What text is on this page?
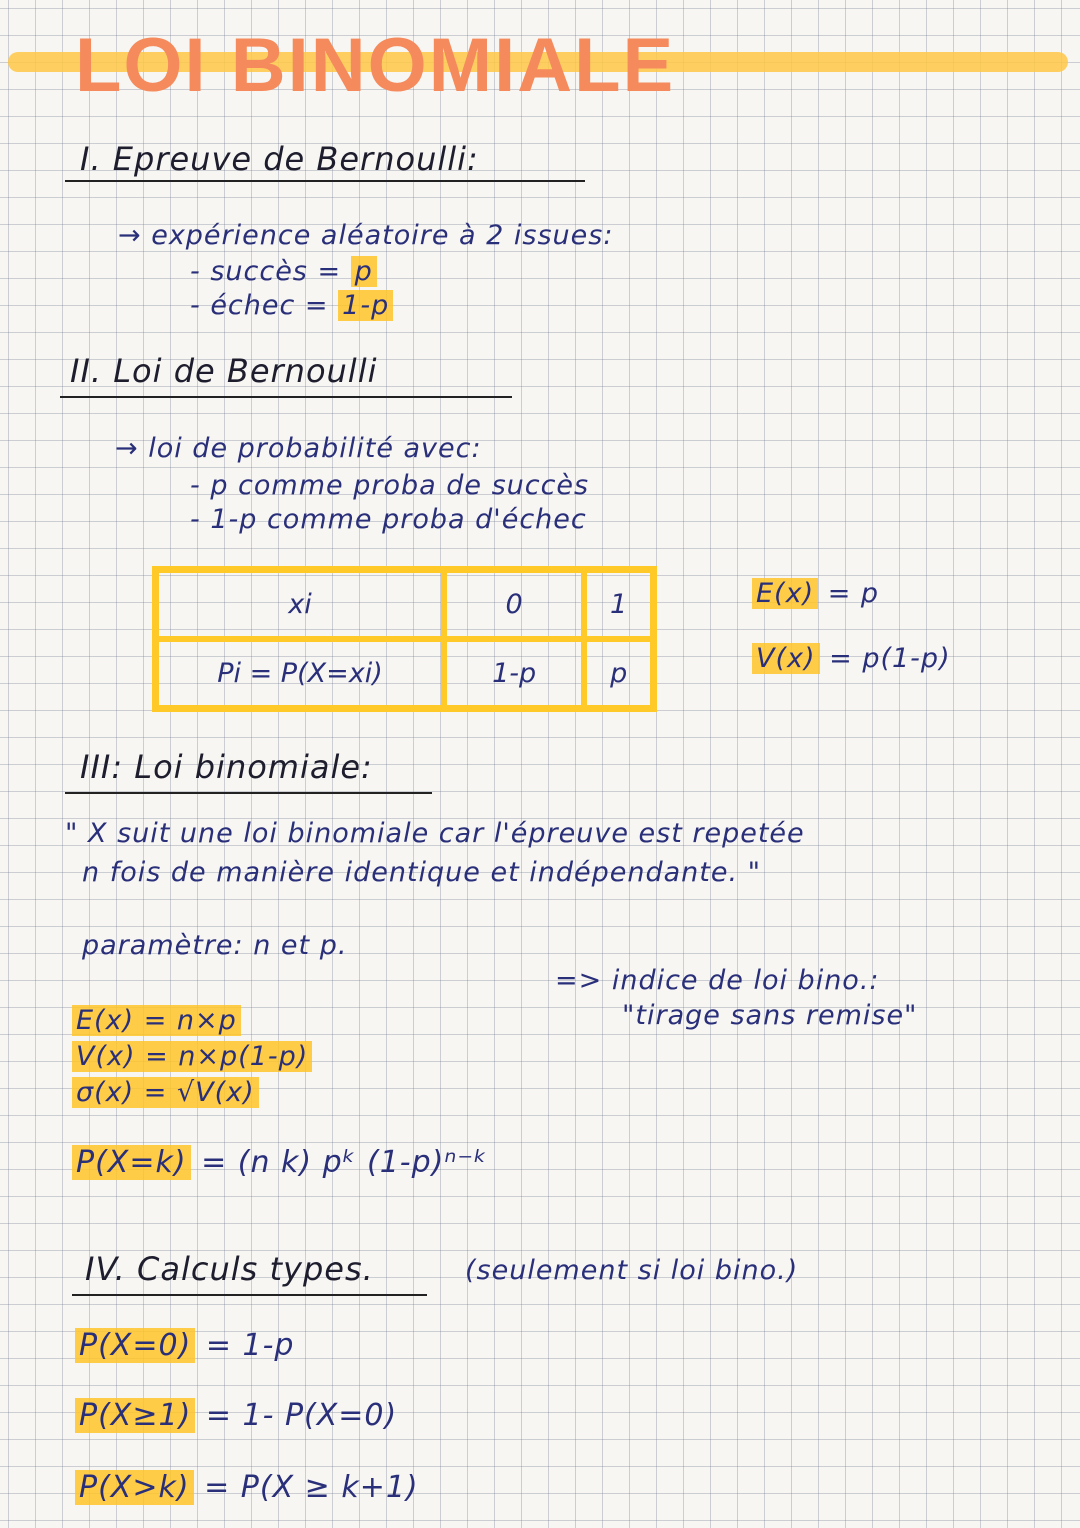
LOI BINOMIALE
I. Epreuve de Bernoulli:
→ expérience aléatoire à 2 issues:
- succès = p
- échec = 1-p
II. Loi de Bernoulli
→ loi de probabilité avec:
- p comme proba de succès
- 1-p comme proba d'échec
xi	0	1
Pi = P(X=xi)	1-p	p
E(x) = p
V(x) = p(1-p)
III: Loi binomiale:
" X suit une loi binomiale car l'épreuve est repetée
n fois de manière identique et indépendante. "
paramètre: n et p.
=> indice de loi bino.:
"tirage sans remise"
E(x) = n×p
V(x) = n×p(1-p)
σ(x) = √V(x)
P(X=k) = (n k) pᵏ (1-p)ⁿ⁻ᵏ
IV. Calculs types.	(seulement si loi bino.)
P(X=0) = 1-p
P(X≥1) = 1- P(X=0)
P(X>k) = P(X ≥ k+1)
